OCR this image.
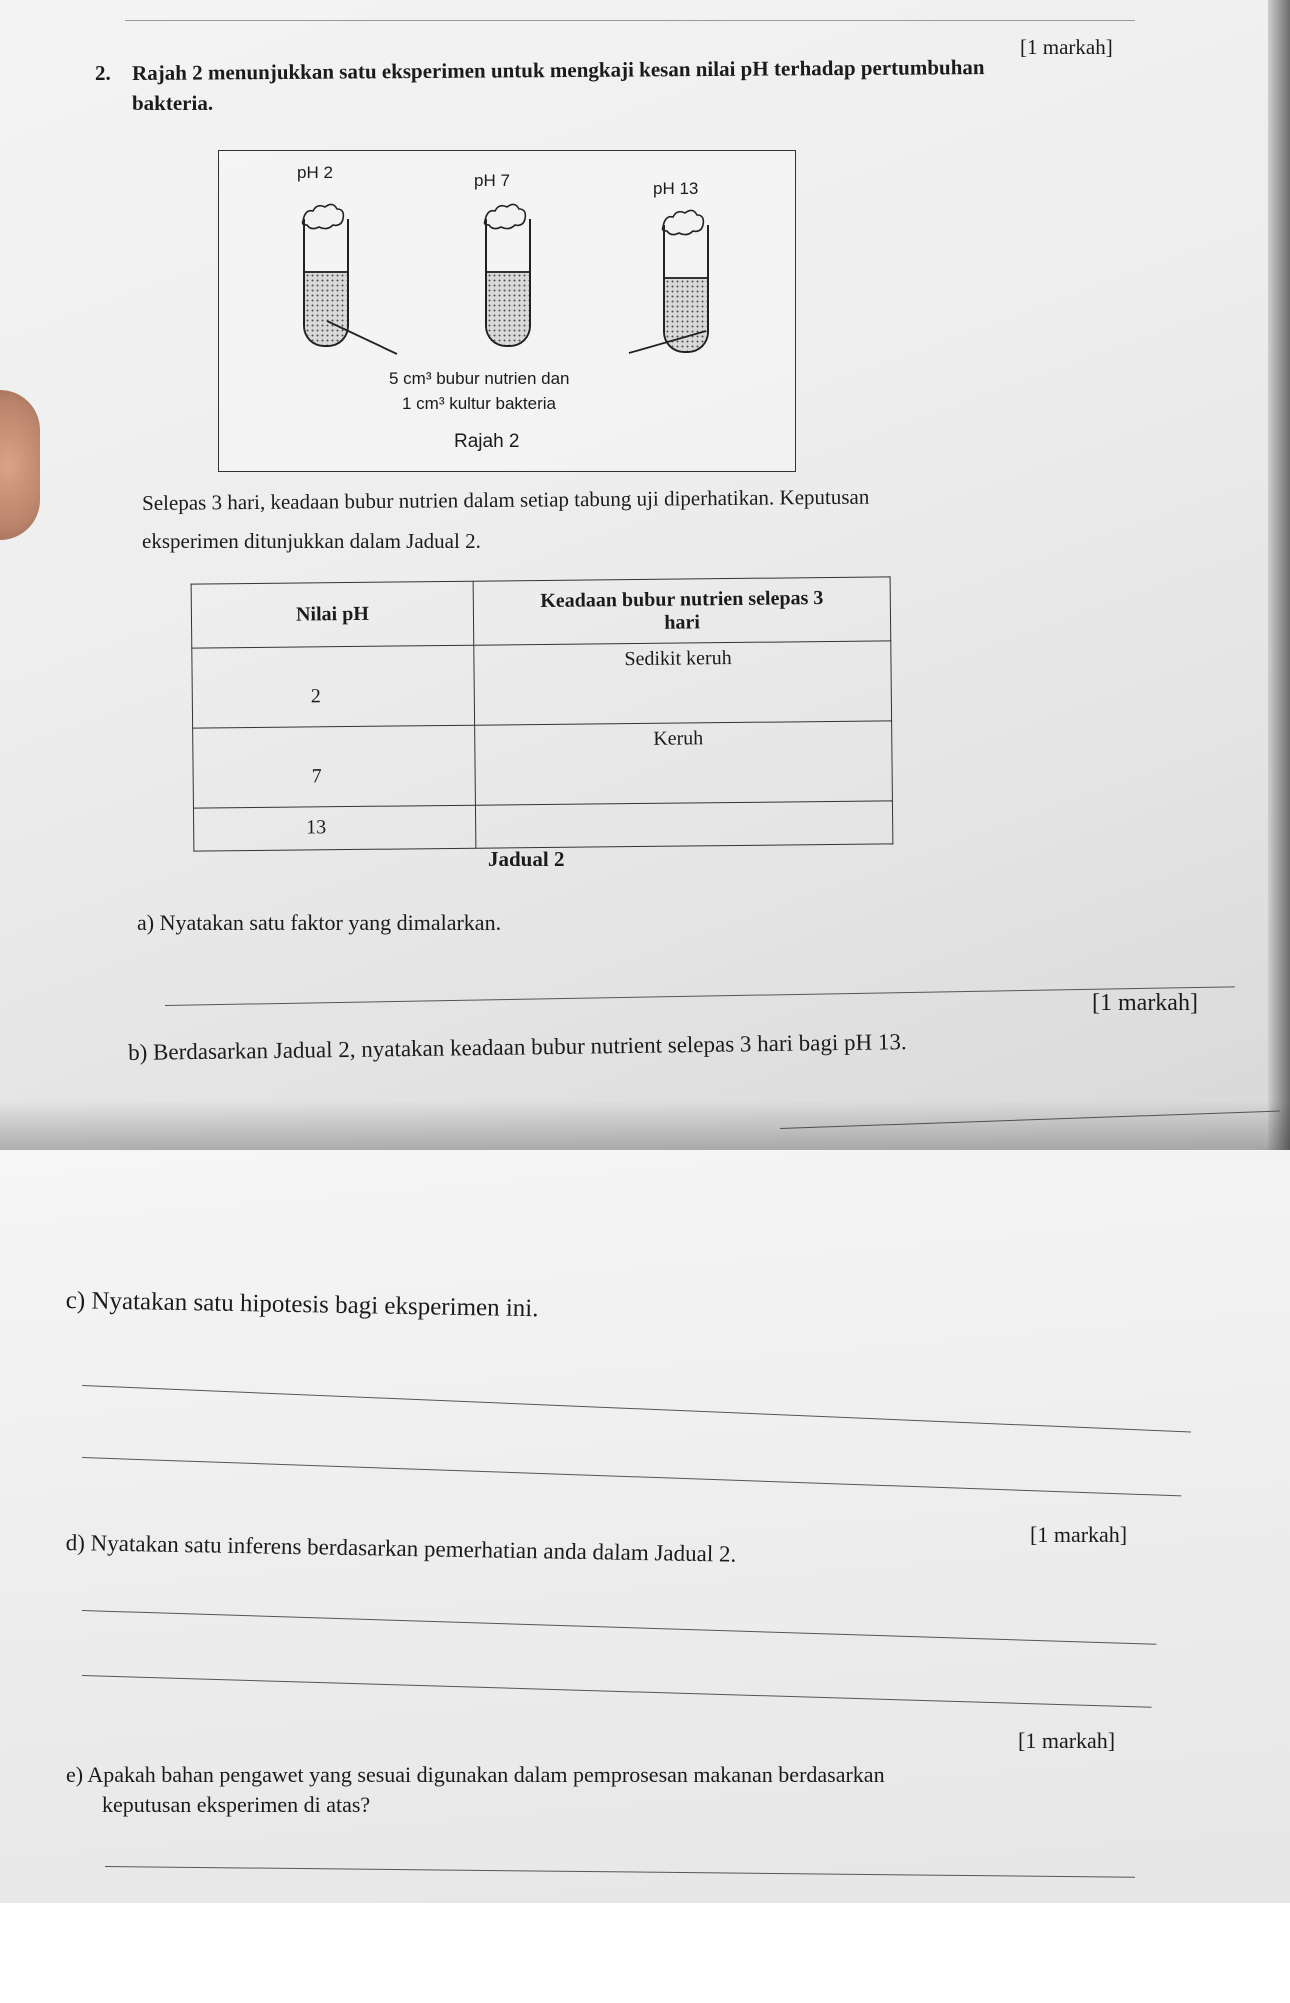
[1 markah]
2. Rajah 2 menunjukkan satu eksperimen untuk mengkaji kesan nilai pH terhadap pertumbuhan
bakteria.
pH 2	pH 7	pH 13
5 cm³ bubur nutrien dan
1 cm³ kultur bakteria
Rajah 2
Selepas 3 hari, keadaan bubur nutrien dalam setiap tabung uji diperhatikan. Keputusan
eksperimen ditunjukkan dalam Jadual 2.
Nilai pH	Keadaan bubur nutrien selepas 3
hari

2	Sedikit keruh
7	Keruh
13	
Jadual 2
a) Nyatakan satu faktor yang dimalarkan.
[1 markah]
b) Berdasarkan Jadual 2, nyatakan keadaan bubur nutrient selepas 3 hari bagi pH 13.
c) Nyatakan satu hipotesis bagi eksperimen ini.
[1 markah]
d) Nyatakan satu inferens berdasarkan pemerhatian anda dalam Jadual 2.
[1 markah]
e) Apakah bahan pengawet yang sesuai digunakan dalam pemprosesan makanan berdasarkan
keputusan eksperimen di atas?
